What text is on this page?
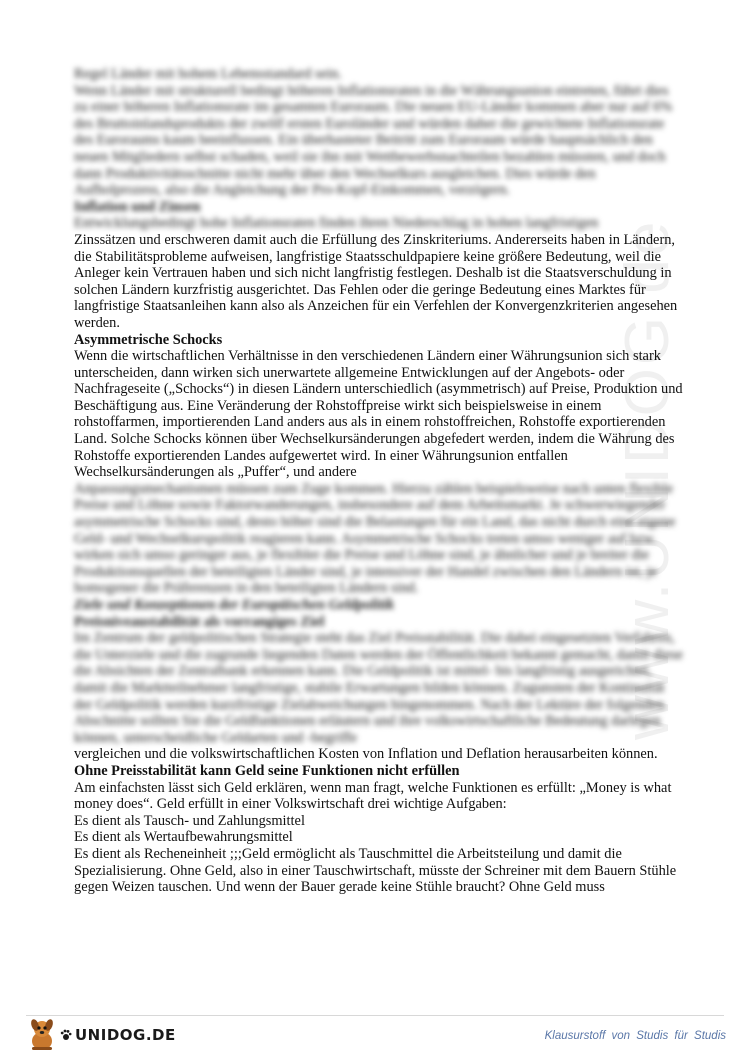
www.UNIDOG.de

Regel Länder mit hohem Lebensstandard sein.

Wenn Länder mit strukturell bedingt höheren Inflationsraten in die Währungsunion eintreten, führt dies zu einer höheren Inflationsrate im gesamten Euroraum. Die neuen EU-Länder kommen aber nur auf 6% des Bruttoinlandsprodukts der zwölf ersten Euroländer und würden daher die gewichtete Inflationsrate des Euroraums kaum beeinflussen. Ein überhasteter Beitritt zum Euroraum würde hauptsächlich den neuen Mitgliedern selbst schaden, weil sie ihn mit Wettbewerbsnachteilen bezahlen müssten, und doch dann Produktivitätsschnitte nicht mehr über den Wechselkurs ausgleichen. Dies würde den Aufholprozess, also die Angleichung der Pro-Kopf-Einkommen, verzögern.

Inflation und Zinsen

Entwicklungsbedingt hohe Inflationsraten finden ihren Niederschlag in hohen langfristigen

Zinssätzen und erschweren damit auch die Erfüllung des Zinskriteriums. Andererseits haben in Ländern, die Stabilitätsprobleme aufweisen, langfristige Staatsschuldpapiere keine größere Bedeutung, weil die Anleger kein Vertrauen haben und sich nicht langfristig festlegen. Deshalb ist die Staatsverschuldung in solchen Ländern kurzfristig ausgerichtet. Das Fehlen oder die geringe Bedeutung eines Marktes für langfristige Staatsanleihen kann also als Anzeichen für ein Verfehlen der Konvergenzkriterien angesehen werden.

Asymmetrische Schocks

Wenn die wirtschaftlichen Verhältnisse in den verschiedenen Ländern einer Währungsunion sich stark unterscheiden, dann wirken sich unerwartete allgemeine Entwicklungen auf der Angebots- oder Nachfrageseite („Schocks“) in diesen Ländern unterschiedlich (asymmetrisch) auf Preise, Produktion und Beschäftigung aus. Eine Veränderung der Rohstoffpreise wirkt sich beispielsweise in einem rohstoffarmen, importierenden Land anders aus als in einem rohstoffreichen, Rohstoffe exportierenden Land. Solche Schocks können über Wechselkursänderungen abgefedert werden, indem die Währung des Rohstoffe exportierenden Landes aufgewertet wird. In einer Währungsunion entfallen Wechselkursänderungen als „Puffer“, und andere

Anpassungsmechanismen müssen zum Zuge kommen. Hierzu zählen beispielsweise nach unten flexible Preise und Löhne sowie Faktorwanderungen, insbesondere auf dem Arbeitsmarkt. Je schwerwiegender asymmetrische Schocks sind, desto höher sind die Belastungen für ein Land, das nicht durch eine eigene Geld- und Wechselkurspolitik reagieren kann. Asymmetrische Schocks treten umso weniger auf bzw. wirken sich umso geringer aus, je flexibler die Preise und Löhne sind, je ähnlicher und je breiter die Produktionsquellen der beteiligten Länder sind, je intensiver der Handel zwischen den Ländern ist, je homogener die Präferenzen in den beteiligten Ländern sind.

Ziele und Konzeptionen der Europäischen Geldpolitik

Preisniveaustabilität als vorrangiges Ziel

Im Zentrum der geldpolitischen Strategie steht das Ziel Preisstabilität. Die dabei eingesetzten Verfahren, die Unterziele und die zugrunde liegenden Daten werden der Öffentlichkeit bekannt gemacht, damit diese die Absichten der Zentralbank erkennen kann. Die Geldpolitik ist mittel- bis langfristig ausgerichtet, damit die Marktteilnehmer langfristige, stabile Erwartungen bilden können. Zugunsten der Kontinuität der Geldpolitik werden kurzfristige Zielabweichungen hingenommen. Nach der Lektüre der folgenden Abschnitte sollten Sie die Geldfunktionen erläutern und ihre volkswirtschaftliche Bedeutung darlegen können, unterscheidliche Geldarten und -begriffe

vergleichen und die volkswirtschaftlichen Kosten von Inflation und Deflation herausarbeiten können.

Ohne Preisstabilität kann Geld seine Funktionen nicht erfüllen

Am einfachsten lässt sich Geld erklären, wenn man fragt, welche Funktionen es erfüllt: „Money is what money does“. Geld erfüllt in einer Volkswirtschaft drei wichtige Aufgaben:

Es dient als Tausch- und Zahlungsmittel

Es dient als Wertaufbewahrungsmittel

Es dient als Recheneinheit ;;;Geld ermöglicht als Tauschmittel die Arbeitsteilung und damit die Spezialisierung. Ohne Geld, also in einer Tauschwirtschaft, müsste der Schreiner mit dem Bauern Stühle gegen Weizen tauschen. Und wenn der Bauer gerade keine Stühle braucht? Ohne Geld muss

UNIDOG.DE	Klausurstoff von Studis für Studis
